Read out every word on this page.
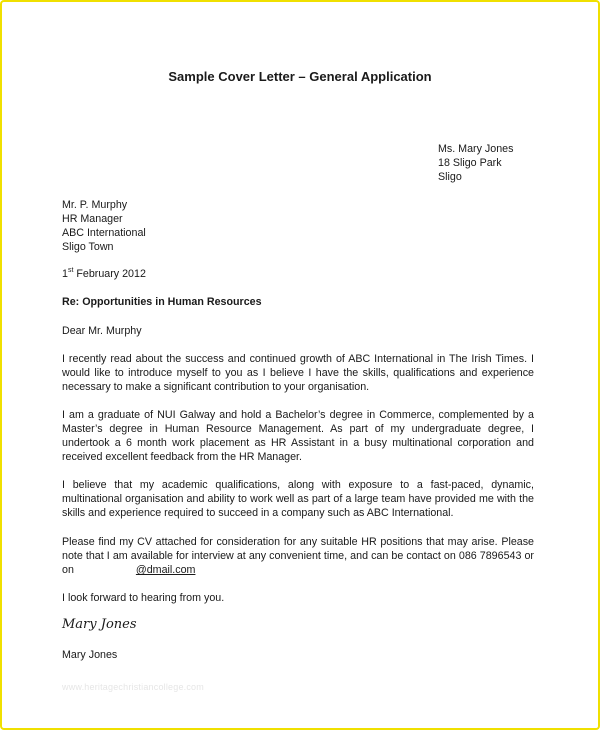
Sample Cover Letter – General Application
Ms. Mary Jones
18 Sligo Park
Sligo
Mr. P. Murphy
HR Manager
ABC International
Sligo Town
1st February 2012
Re: Opportunities in Human Resources
Dear Mr. Murphy
I recently read about the success and continued growth of ABC International in The Irish Times. I
would like to introduce myself to you as I believe I have the skills, qualifications and experience
necessary to make a significant contribution to your organisation.
I am a graduate of NUI Galway and hold a Bachelor’s degree in Commerce, complemented by a
Master’s degree in Human Resource Management. As part of my undergraduate degree, I
undertook a 6 month work placement as HR Assistant in a busy multinational corporation and
received excellent feedback from the HR Manager.
I believe that my academic qualifications, along with exposure to a fast-paced, dynamic,
multinational organisation and ability to work well as part of a large team have provided me with the
skills and experience required to succeed in a company such as ABC International.
Please find my CV attached for consideration for any suitable HR positions that may arise. Please
note that I am available for interview at any convenient time, and can be contact on 086 7896543 or
on	@dmail.com
I look forward to hearing from you.
Mary Jones
Mary Jones
www.heritagechristiancollege.com
